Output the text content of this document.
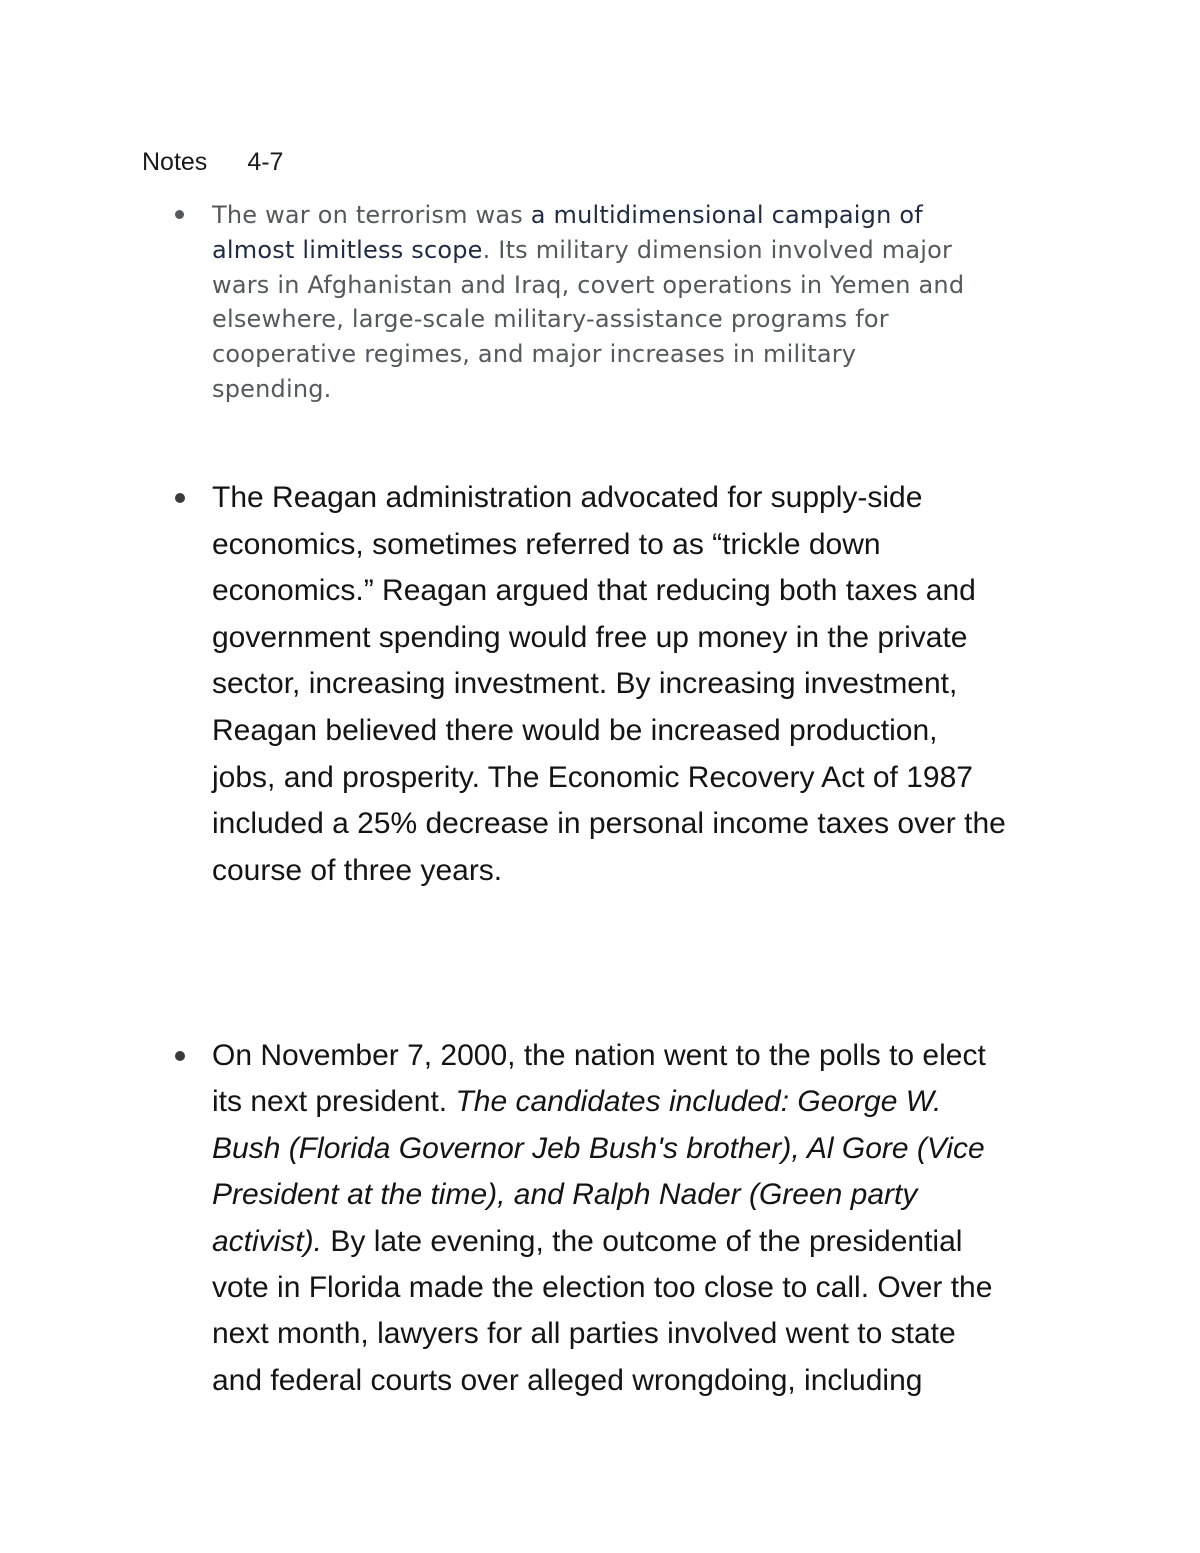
Notes 4-7
The war on terrorism was a multidimensional campaign of
almost limitless scope. Its military dimension involved major
wars in Afghanistan and Iraq, covert operations in Yemen and
elsewhere, large-scale military-assistance programs for
cooperative regimes, and major increases in military
spending.
The Reagan administration advocated for supply-side
economics, sometimes referred to as “trickle down
economics.” Reagan argued that reducing both taxes and
government spending would free up money in the private
sector, increasing investment. By increasing investment,
Reagan believed there would be increased production,
jobs, and prosperity. The Economic Recovery Act of 1987
included a 25% decrease in personal income taxes over the
course of three years.
On November 7, 2000, the nation went to the polls to elect
its next president. The candidates included: George W.
Bush (Florida Governor Jeb Bush's brother), Al Gore (Vice
President at the time), and Ralph Nader (Green party
activist). By late evening, the outcome of the presidential
vote in Florida made the election too close to call. Over the
next month, lawyers for all parties involved went to state
and federal courts over alleged wrongdoing, including
